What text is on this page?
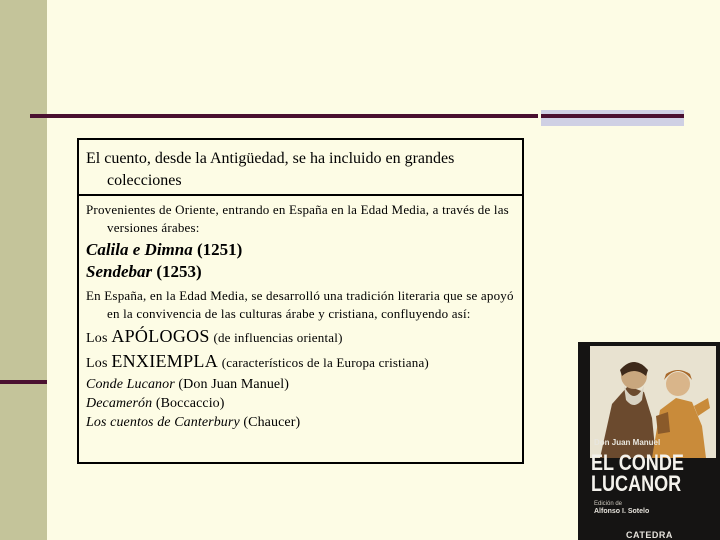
El cuento, desde la Antigüedad, se ha incluido en grandes colecciones

Provenientes de Oriente, entrando en España en la Edad Media, a través de las versiones árabes:

Calila e Dimna (1251)

Sendebar (1253)

En España, en la Edad Media, se desarrolló una tradición literaria que se apoyó en la convivencia de las culturas árabe y cristiana, confluyendo así:

Los APÓLOGOS (de influencias oriental)

Los ENXIEMPLA (característicos de la Europa cristiana)

Conde Lucanor (Don Juan Manuel)

Decamerón (Boccaccio)

Los cuentos de Canterbury (Chaucer)

Don Juan Manuel
EL CONDE
LUCANOR
Edición de
Alfonso I. Sotelo
CATEDRA
